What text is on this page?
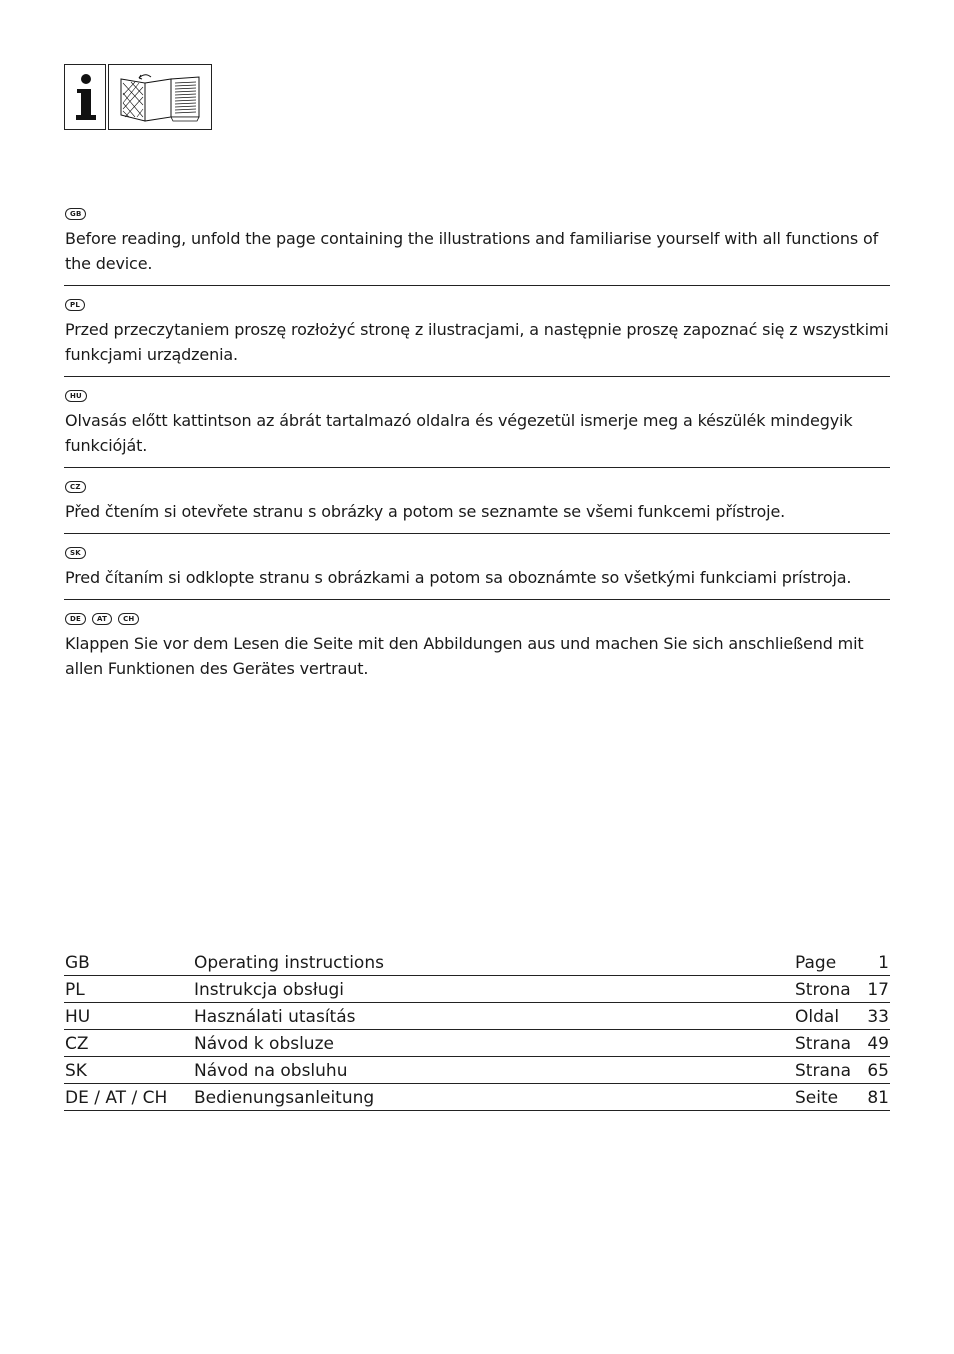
GB
Before reading, unfold the page containing the illustrations and familiarise yourself with all functions of the device.
PL
Przed przeczytaniem proszę rozłożyć stronę z ilustracjami, a następnie proszę zapoznać się z wszystkimi funkcjami urządzenia.
HU
Olvasás előtt kattintson az ábrát tartalmazó oldalra és végezetül ismerje meg a készülék mindegyik funkcióját.
CZ
Před čtením si otevřete stranu s obrázky a potom se seznamte se všemi funkcemi přístroje.
SK
Pred čítaním si odklopte stranu s obrázkami a potom sa oboznámte so všetkými funkciami prístroja.
DE	AT	CH
Klappen Sie vor dem Lesen die Seite mit den Abbildungen aus und machen Sie sich anschließend mit allen Funktionen des Gerätes vertraut.
GB	Operating instructions	Page	1
PL	Instrukcja obsługi	Strona 17
HU	Használati utasítás	Oldal	33
CZ	Návod k obsluze	Strana 49
SK	Návod na obsluhu	Strana 65
DE / AT / CH	Bedienungsanleitung	Seite	81
